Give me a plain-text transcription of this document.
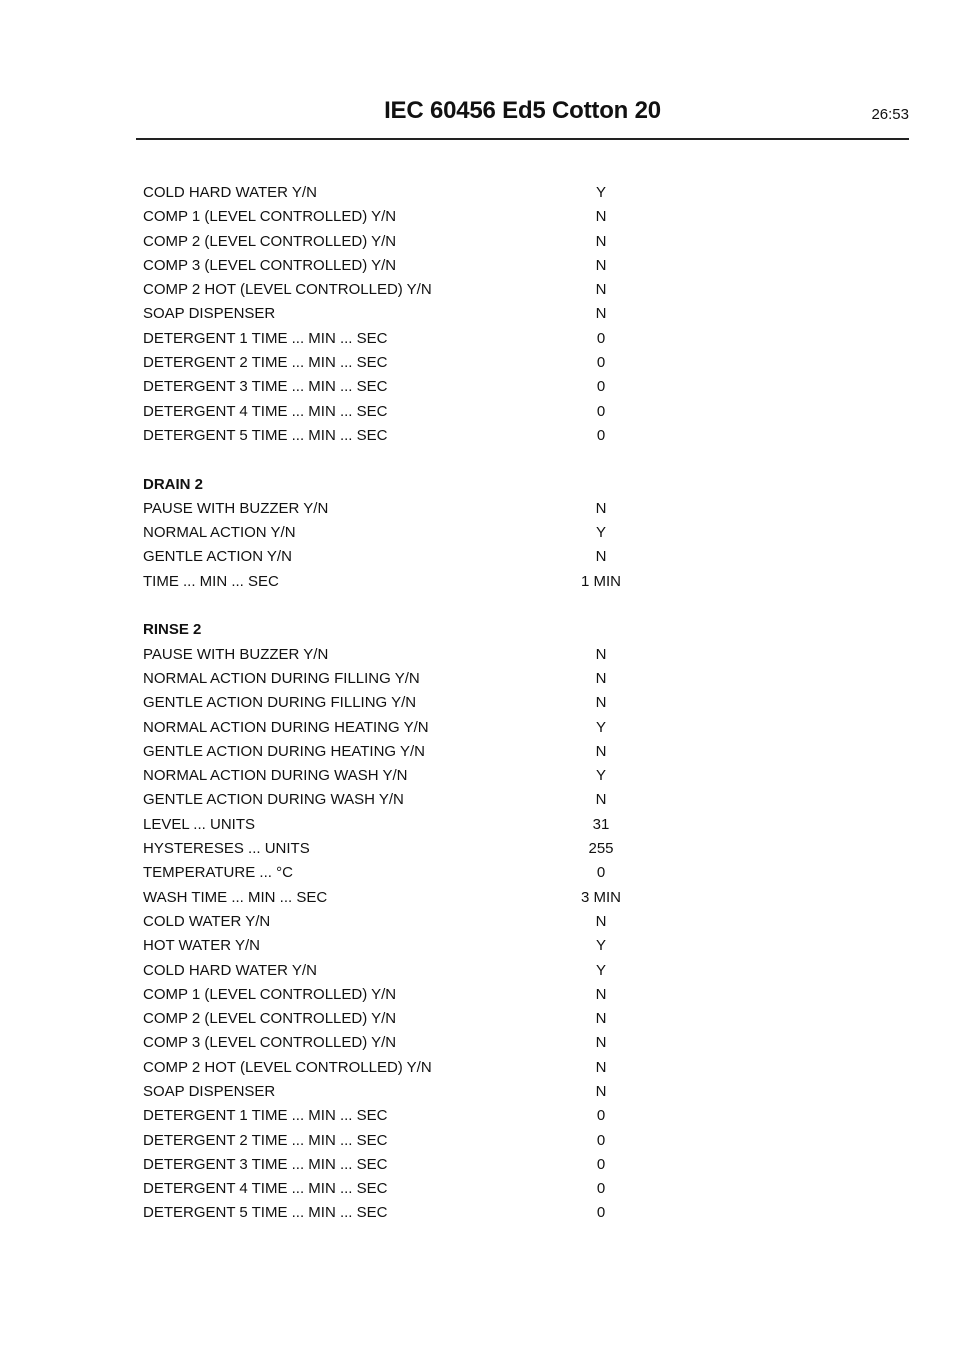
IEC 60456 Ed5 Cotton 20	26:53
COLD HARD WATER Y/N	Y
COMP 1 (LEVEL CONTROLLED) Y/N	N
COMP 2 (LEVEL CONTROLLED) Y/N	N
COMP 3 (LEVEL CONTROLLED) Y/N	N
COMP 2 HOT (LEVEL CONTROLLED) Y/N	N
SOAP DISPENSER	N
DETERGENT 1 TIME ... MIN ... SEC	0
DETERGENT 2 TIME ... MIN ... SEC	0
DETERGENT 3 TIME ... MIN ... SEC	0
DETERGENT 4 TIME ... MIN ... SEC	0
DETERGENT 5 TIME ... MIN ... SEC	0
DRAIN 2
PAUSE WITH BUZZER Y/N	N
NORMAL ACTION Y/N	Y
GENTLE ACTION Y/N	N
TIME ... MIN ... SEC	1 MIN
RINSE 2
PAUSE WITH BUZZER Y/N	N
NORMAL ACTION DURING FILLING Y/N	N
GENTLE ACTION DURING FILLING Y/N	N
NORMAL ACTION DURING HEATING Y/N	Y
GENTLE ACTION DURING HEATING Y/N	N
NORMAL ACTION DURING WASH Y/N	Y
GENTLE ACTION DURING WASH Y/N	N
LEVEL ... UNITS	31
HYSTERESES ... UNITS	255
TEMPERATURE ... °C	0
WASH TIME ... MIN ... SEC	3 MIN
COLD WATER Y/N	N
HOT WATER Y/N	Y
COLD HARD WATER Y/N	Y
COMP 1 (LEVEL CONTROLLED) Y/N	N
COMP 2 (LEVEL CONTROLLED) Y/N	N
COMP 3 (LEVEL CONTROLLED) Y/N	N
COMP 2 HOT (LEVEL CONTROLLED) Y/N	N
SOAP DISPENSER	N
DETERGENT 1 TIME ... MIN ... SEC	0
DETERGENT 2 TIME ... MIN ... SEC	0
DETERGENT 3 TIME ... MIN ... SEC	0
DETERGENT 4 TIME ... MIN ... SEC	0
DETERGENT 5 TIME ... MIN ... SEC	0
